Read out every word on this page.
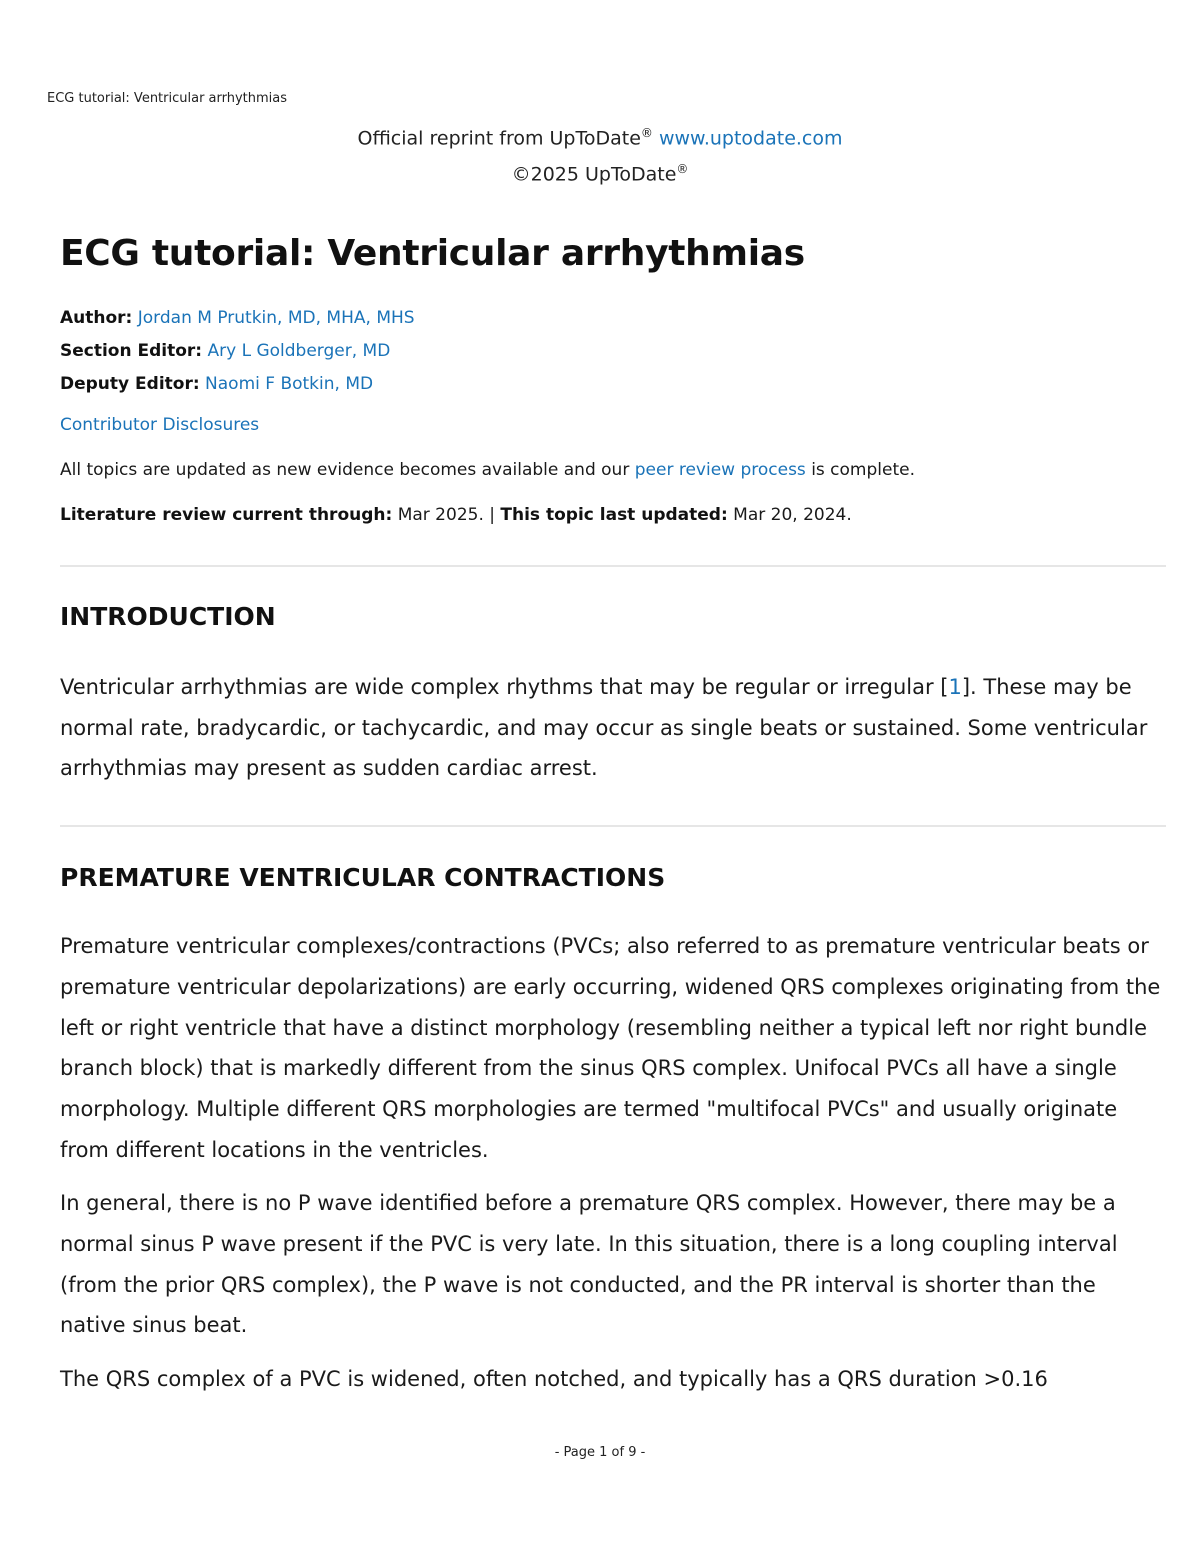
ECG tutorial: Ventricular arrhythmias
Official reprint from UpToDate® www.uptodate.com
©2025 UpToDate®
ECG tutorial: Ventricular arrhythmias
Author: Jordan M Prutkin, MD, MHA, MHS
Section Editor: Ary L Goldberger, MD
Deputy Editor: Naomi F Botkin, MD
Contributor Disclosures
All topics are updated as new evidence becomes available and our peer review process is complete.
Literature review current through: Mar 2025. | This topic last updated: Mar 20, 2024.
INTRODUCTION

Ventricular arrhythmias are wide complex rhythms that may be regular or irregular [1]. These may be normal rate, bradycardic, or tachycardic, and may occur as single beats or sustained. Some ventricular arrhythmias may present as sudden cardiac arrest.

PREMATURE VENTRICULAR CONTRACTIONS

Premature ventricular complexes/contractions (PVCs; also referred to as premature ventricular beats or premature ventricular depolarizations) are early occurring, widened QRS complexes originating from the left or right ventricle that have a distinct morphology (resembling neither a typical left nor right bundle branch block) that is markedly different from the sinus QRS complex. Unifocal PVCs all have a single morphology. Multiple different QRS morphologies are termed "multifocal PVCs" and usually originate from different locations in the ventricles.

In general, there is no P wave identified before a premature QRS complex. However, there may be a normal sinus P wave present if the PVC is very late. In this situation, there is a long coupling interval (from the prior QRS complex), the P wave is not conducted, and the PR interval is shorter than the native sinus beat.

The QRS complex of a PVC is widened, often notched, and typically has a QRS duration >0.16

- Page 1 of 9 -
